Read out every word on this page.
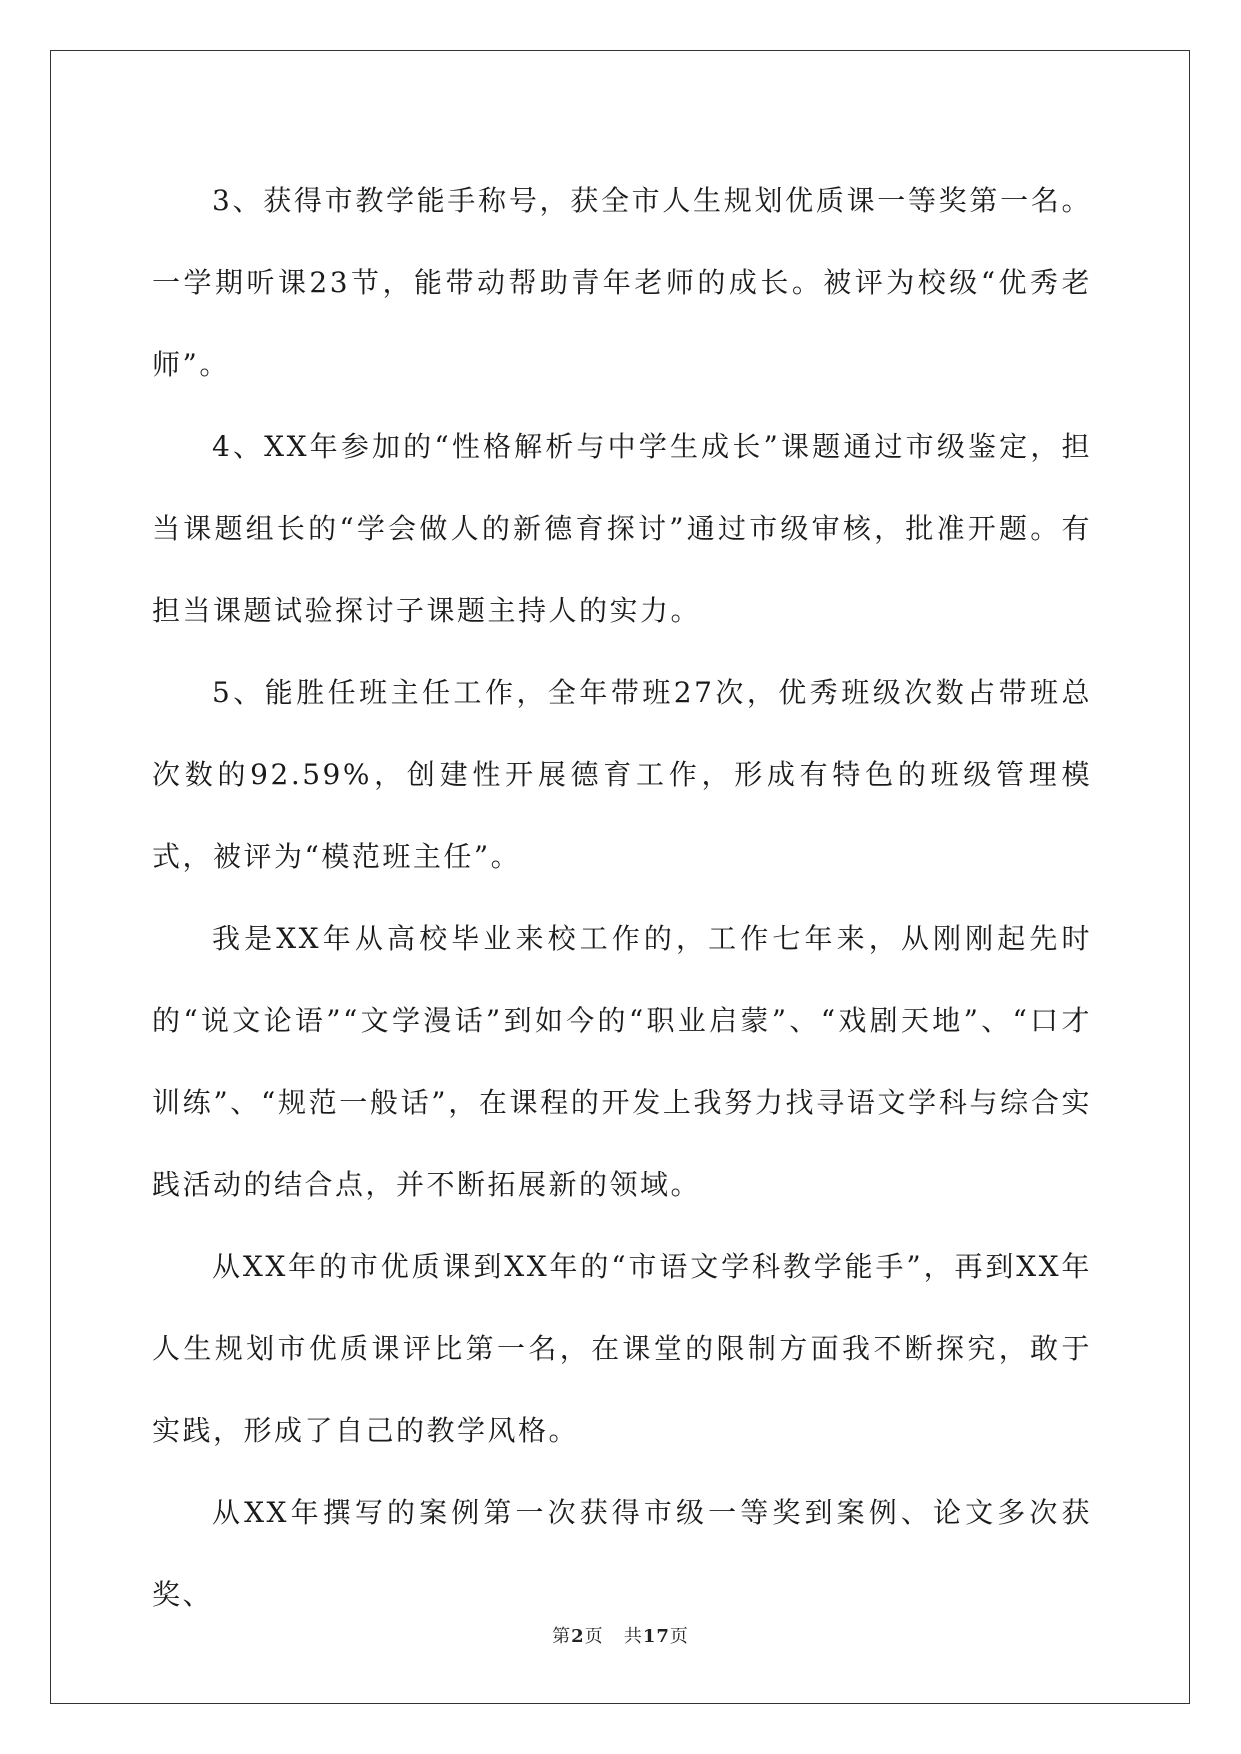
3、获得市教学能手称号，获全市人生规划优质课一等奖第一名。一学期听课23节，能带动帮助青年老师的成长。被评为校级“优秀老师”。

4、XX年参加的“性格解析与中学生成长”课题通过市级鉴定，担当课题组长的“学会做人的新德育探讨”通过市级审核，批准开题。有担当课题试验探讨子课题主持人的实力。

5、能胜任班主任工作，全年带班27次，优秀班级次数占带班总次数的92.59%，创建性开展德育工作，形成有特色的班级管理模式，被评为“模范班主任”。

我是XX年从高校毕业来校工作的，工作七年来，从刚刚起先时的“说文论语”“文学漫话”到如今的“职业启蒙”、“戏剧天地”、“口才训练”、“规范一般话”，在课程的开发上我努力找寻语文学科与综合实践活动的结合点，并不断拓展新的领域。

从XX年的市优质课到XX年的“市语文学科教学能手”，再到XX年人生规划市优质课评比第一名，在课堂的限制方面我不断探究，敢于实践，形成了自己的教学风格。

从XX年撰写的案例第一次获得市级一等奖到案例、论文多次获奖、

第2页 共17页
